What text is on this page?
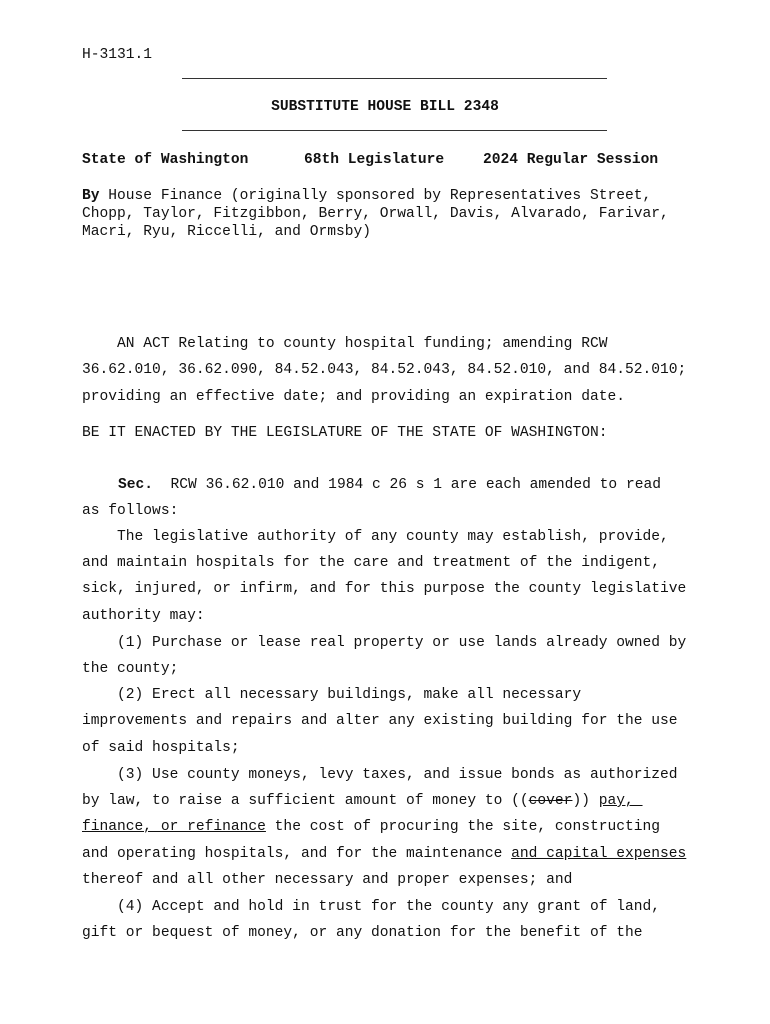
H-3131.1
SUBSTITUTE HOUSE BILL 2348
State of Washington	68th Legislature	2024 Regular Session
By House Finance (originally sponsored by Representatives Street,
Chopp, Taylor, Fitzgibbon, Berry, Orwall, Davis, Alvarado, Farivar,
Macri, Ryu, Riccelli, and Ormsby)
AN ACT Relating to county hospital funding; amending RCW
36.62.010, 36.62.090, 84.52.043, 84.52.043, 84.52.010, and 84.52.010;
providing an effective date; and providing an expiration date.
BE IT ENACTED BY THE LEGISLATURE OF THE STATE OF WASHINGTON:
Sec.  RCW 36.62.010 and 1984 c 26 s 1 are each amended to read
as follows:
The legislative authority of any county may establish, provide,
and maintain hospitals for the care and treatment of the indigent,
sick, injured, or infirm, and for this purpose the county legislative
authority may:
(1) Purchase or lease real property or use lands already owned by
the county;
(2) Erect all necessary buildings, make all necessary
improvements and repairs and alter any existing building for the use
of said hospitals;
(3) Use county moneys, levy taxes, and issue bonds as authorized
by law, to raise a sufficient amount of money to ((cover)) pay,
finance, or refinance the cost of procuring the site, constructing
and operating hospitals, and for the maintenance and capital expenses
thereof and all other necessary and proper expenses; and
(4) Accept and hold in trust for the county any grant of land,
gift or bequest of money, or any donation for the benefit of the
